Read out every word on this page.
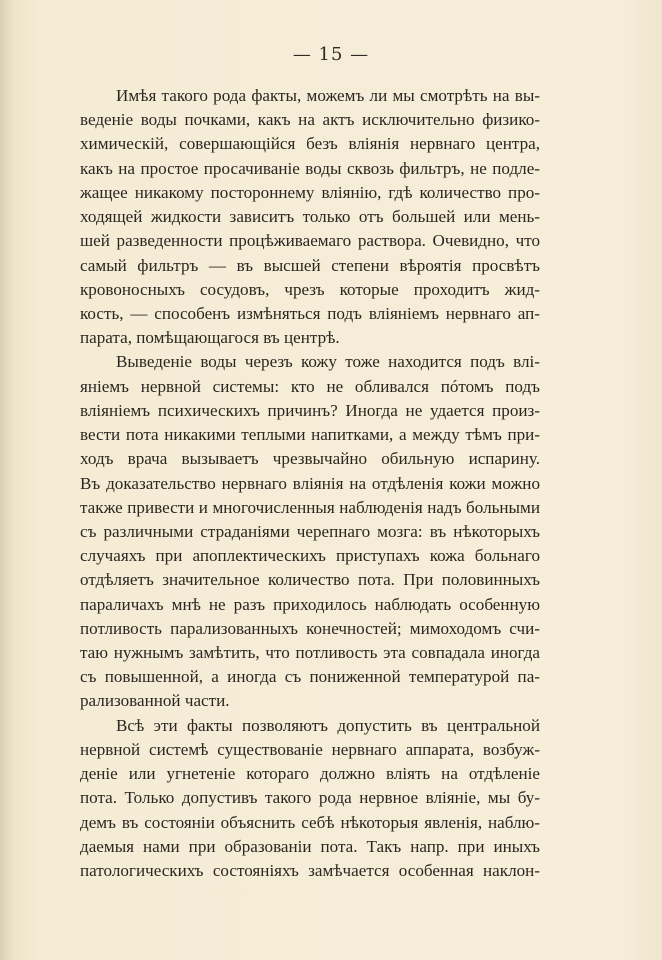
— 15 —
Имѣя такого рода факты, можемъ ли мы смотрѣть на вы-
веденіе воды почками, какъ на актъ исключительно физико-
химическій, совершающійся безъ вліянія нервнаго центра,
какъ на простое просачиваніе воды сквозь фильтръ, не подле-
жащее никакому постороннему вліянію, гдѣ количество про-
ходящей жидкости зависитъ только отъ большей или мень-
шей разведенности процѣживаемаго раствора. Очевидно, что
самый фильтръ — въ высшей степени вѣроятія просвѣтъ
кровоносныхъ сосудовъ, чрезъ которые проходитъ жид-
кость, — способенъ измѣняться подъ вліяніемъ нервнаго ап-
парата, помѣщающагося въ центрѣ.
Выведеніе воды черезъ кожу тоже находится подъ влі-
яніемъ нервной системы: кто не обливался пóтомъ подъ
вліяніемъ психическихъ причинъ? Иногда не удается произ-
вести пота никакими теплыми напитками, а между тѣмъ при-
ходъ врача вызываетъ чрезвычайно обильную испарину.
Въ доказательство нервнаго вліянія на отдѣленія кожи можно
также привести и многочисленныя наблюденія надъ больными
съ различными страданіями черепнаго мозга: въ нѣкоторыхъ
случаяхъ при апоплектическихъ приступахъ кожа больнаго
отдѣляетъ значительное количество пота. При половинныхъ
параличахъ мнѣ не разъ приходилось наблюдать особенную
потливость парализованныхъ конечностей; мимоходомъ счи-
таю нужнымъ замѣтить, что потливость эта совпадала иногда
съ повышенной, а иногда съ пониженной температурой па-
рализованной части.
Всѣ эти факты позволяютъ допустить въ центральной
нервной системѣ существованіе нервнаго аппарата, возбуж-
деніе или угнетеніе котораго должно вліять на отдѣленіе
пота. Только допустивъ такого рода нервное вліяніе, мы бу-
демъ въ состояніи объяснить себѣ нѣкоторыя явленія, наблю-
даемыя нами при образованіи пота. Такъ напр. при иныхъ
патологическихъ состояніяхъ замѣчается особенная наклон-
